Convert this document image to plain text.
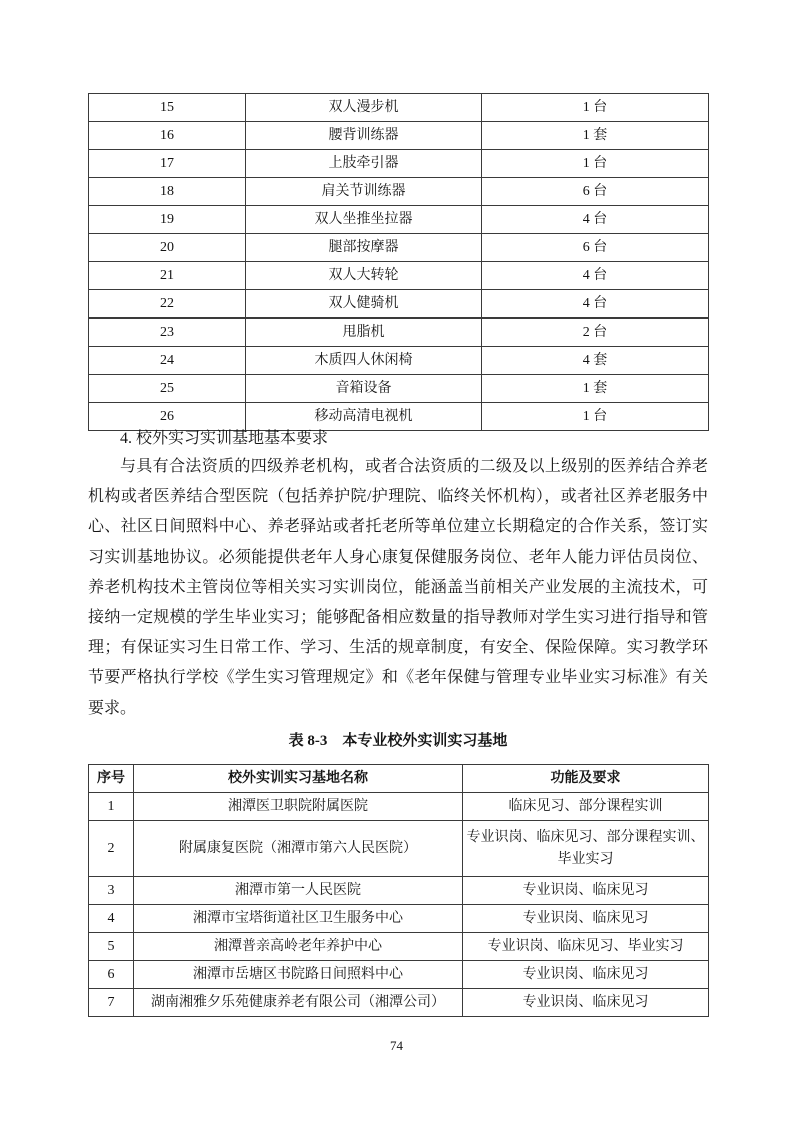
15	双人漫步机	1 台
16	腰背训练器	1 套
17	上肢牵引器	1 台
18	肩关节训练器	6 台
19	双人坐推坐拉器	4 台
20	腿部按摩器	6 台
21	双人大转轮	4 台
22	双人健骑机	4 台
23	甩脂机	2 台
24	木质四人休闲椅	4 套
25	音箱设备	1 套
26	移动高清电视机	1 台
4. 校外实习实训基地基本要求
与具有合法资质的四级养老机构，或者合法资质的二级及以上级别的医养结合养老机构或者医养结合型医院（包括养护院/护理院、临终关怀机构），或者社区养老服务中心、社区日间照料中心、养老驿站或者托老所等单位建立长期稳定的合作关系，签订实习实训基地协议。必须能提供老年人身心康复保健服务岗位、老年人能力评估员岗位、养老机构技术主管岗位等相关实习实训岗位，能涵盖当前相关产业发展的主流技术，可接纳一定规模的学生毕业实习；能够配备相应数量的指导教师对学生实习进行指导和管理；有保证实习生日常工作、学习、生活的规章制度，有安全、保险保障。实习教学环节要严格执行学校《学生实习管理规定》和《老年保健与管理专业毕业实习标准》有关要求。
表 8-3　本专业校外实训实习基地
序号	校外实训实习基地名称	功能及要求
1	湘潭医卫职院附属医院	临床见习、部分课程实训
2	附属康复医院（湘潭市第六人民医院）	专业识岗、临床见习、部分课程实训、毕业实习
3	湘潭市第一人民医院	专业识岗、临床见习
4	湘潭市宝塔街道社区卫生服务中心	专业识岗、临床见习
5	湘潭普亲高岭老年养护中心	专业识岗、临床见习、毕业实习
6	湘潭市岳塘区书院路日间照料中心	专业识岗、临床见习
7	湖南湘雅夕乐苑健康养老有限公司（湘潭公司）	专业识岗、临床见习
74
